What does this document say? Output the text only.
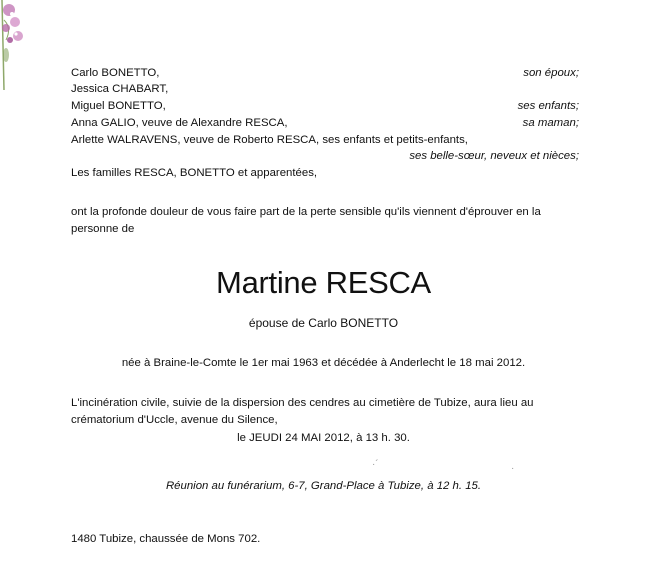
Carlo BONETTO,	son époux;
Jessica CHABART,
Miguel BONETTO,	ses enfants;
Anna GALIO, veuve de Alexandre RESCA,	sa maman;
Arlette WALRAVENS, veuve de Roberto RESCA, ses enfants et petits-enfants,
ses belle-sœur, neveux et nièces;
Les familles RESCA, BONETTO et apparentées,
ont la profonde douleur de vous faire part de la perte sensible qu'ils viennent d'éprouver en la
personne de
Martine RESCA
épouse de Carlo BONETTO
née à Braine-le-Comte le 1er mai 1963 et décédée à Anderlecht le 18 mai 2012.
L'incinération civile, suivie de la dispersion des cendres au cimetière de Tubize, aura lieu au
crématorium d'Uccle, avenue du Silence,
le JEUDI 24 MAI 2012, à 13 h. 30.
·´	·
Réunion au funérarium, 6-7, Grand-Place à Tubize, à 12 h. 15.
1480 Tubize, chaussée de Mons 702.
